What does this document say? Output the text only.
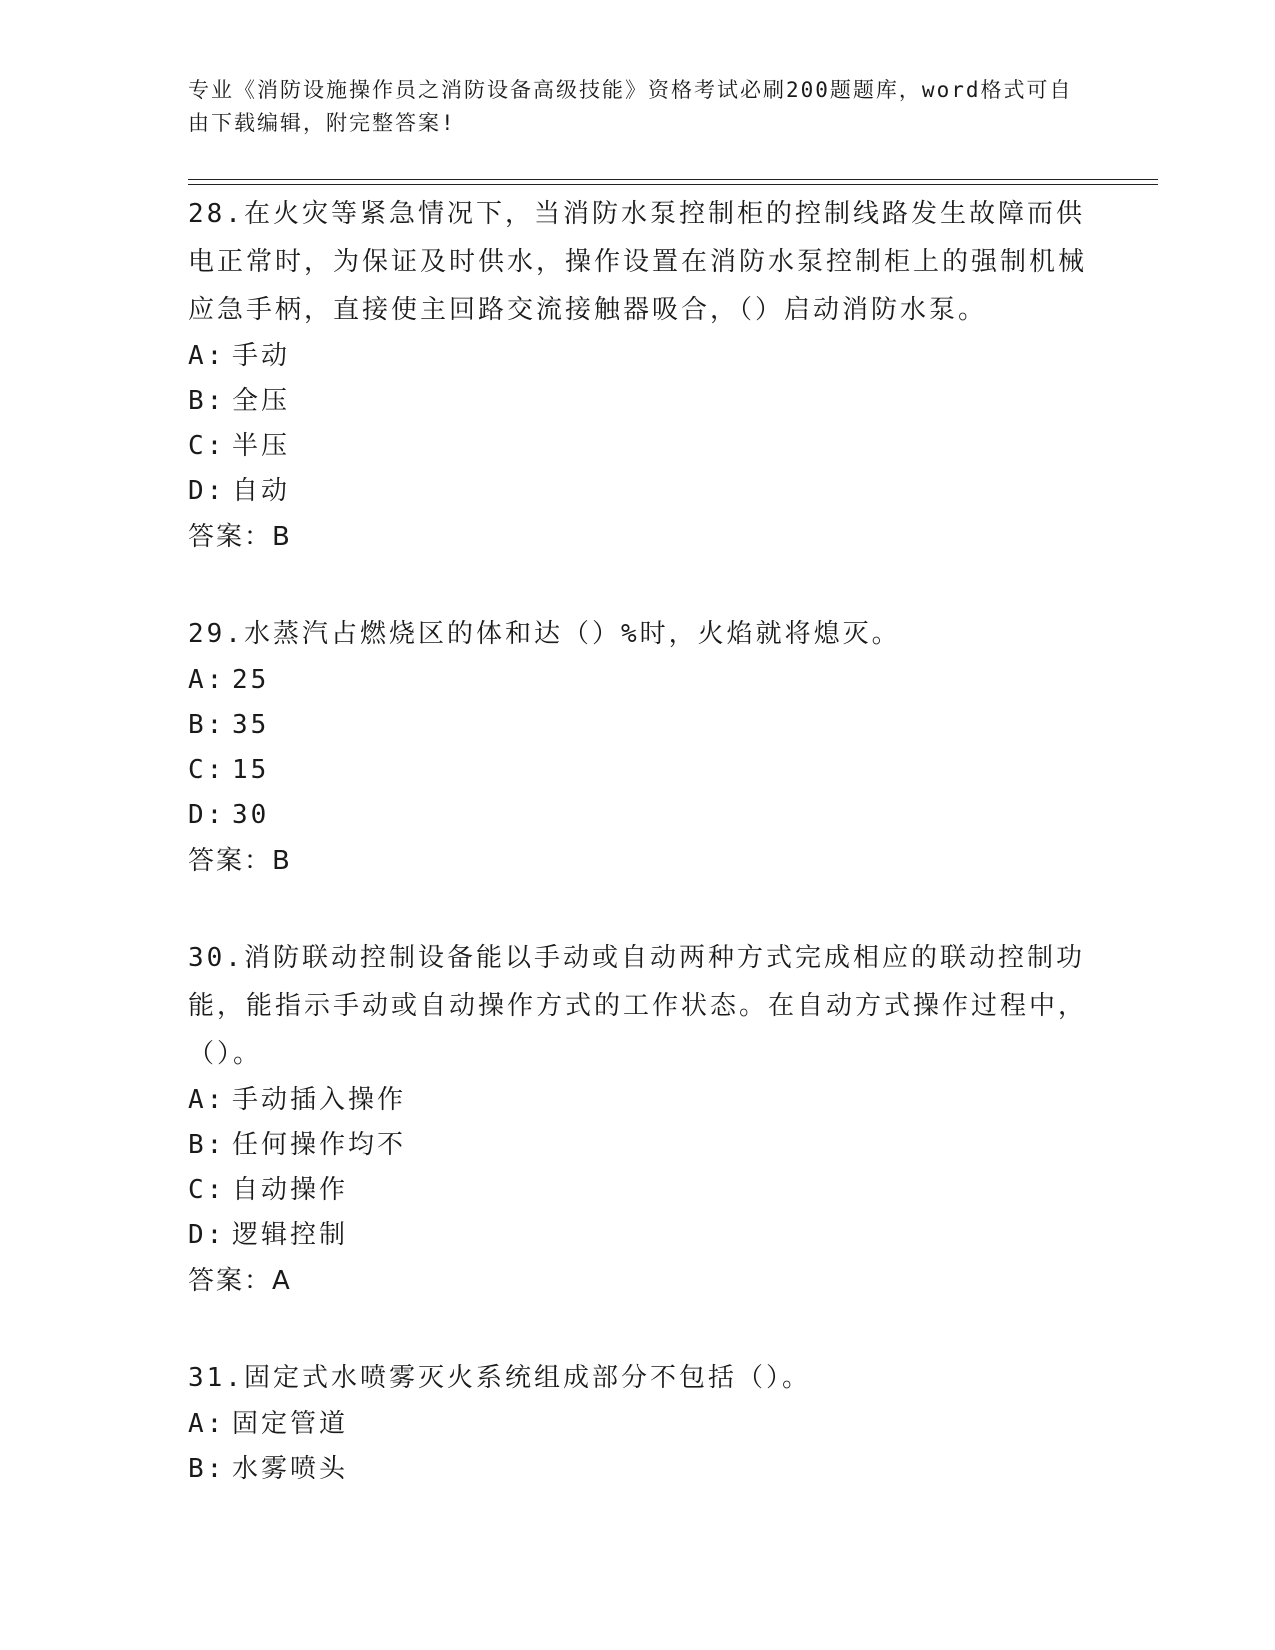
专业《消防设施操作员之消防设备高级技能》资格考试必刷200题题库，word格式可自由下载编辑，附完整答案!

28.在火灾等紧急情况下，当消防水泵控制柜的控制线路发生故障而供电正常时，为保证及时供水，操作设置在消防水泵控制柜上的强制机械应急手柄，直接使主回路交流接触器吸合，（）启动消防水泵。

A: 手动

B: 全压

C: 半压

D: 自动

答案：B

29.水蒸汽占燃烧区的体和达（）%时，火焰就将熄灭。

A: 25

B: 35

C: 15

D: 30

答案：B

30.消防联动控制设备能以手动或自动两种方式完成相应的联动控制功能，能指示手动或自动操作方式的工作状态。在自动方式操作过程中，（）。

A: 手动插入操作

B: 任何操作均不

C: 自动操作

D: 逻辑控制

答案：A

31.固定式水喷雾灭火系统组成部分不包括（）。

A: 固定管道

B: 水雾喷头
